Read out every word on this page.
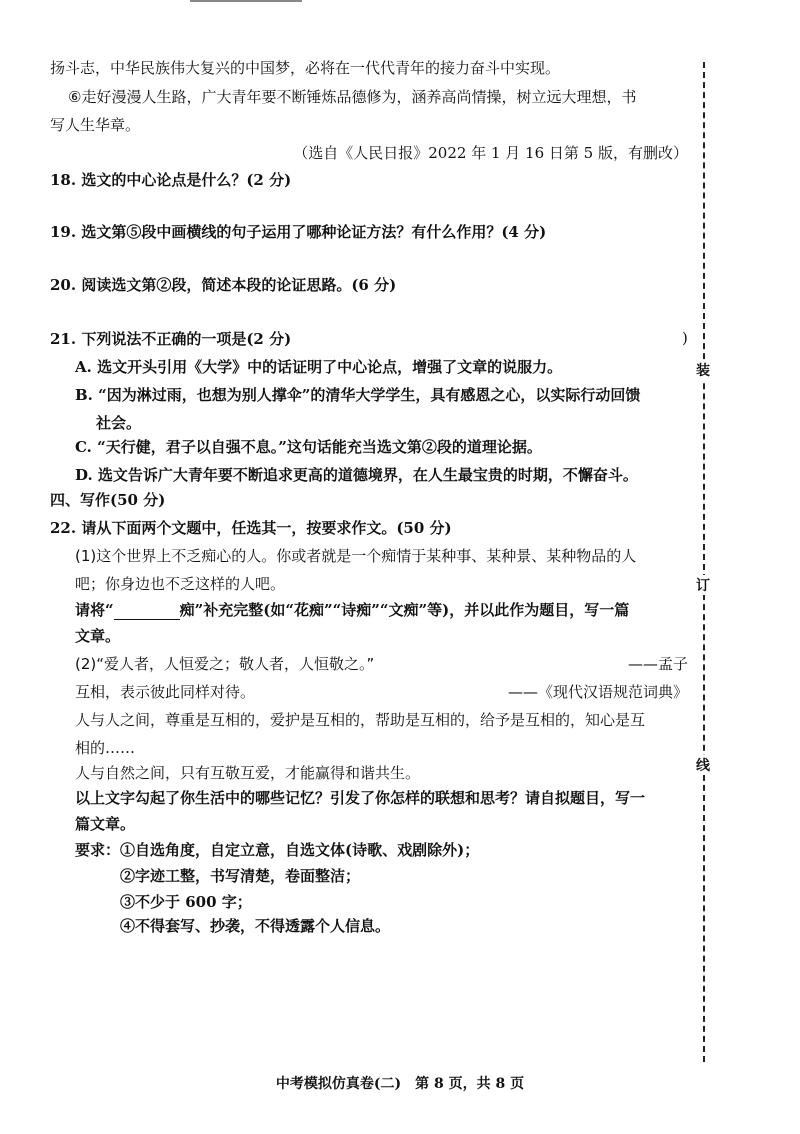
扬斗志，中华民族伟大复兴的中国梦，必将在一代代青年的接力奋斗中实现。
⑥走好漫漫人生路，广大青年要不断锤炼品德修为，涵养高尚情操，树立远大理想，书
写人生华章。
（选自《人民日报》2022 年 1 月 16 日第 5 版，有删改）
18. 选文的中心论点是什么？(2 分)
19. 选文第⑤段中画横线的句子运用了哪种论证方法？有什么作用？(4 分)
20. 阅读选文第②段，简述本段的论证思路。(6 分)
21. 下列说法不正确的一项是(2 分)	)
A. 选文开头引用《大学》中的话证明了中心论点，增强了文章的说服力。
B. “因为淋过雨，也想为别人撑伞”的清华大学学生，具有感恩之心，以实际行动回馈
社会。
C. “天行健，君子以自强不息。”这句话能充当选文第②段的道理论据。
D. 选文告诉广大青年要不断追求更高的道德境界，在人生最宝贵的时期，不懈奋斗。
四、写作(50 分)
22. 请从下面两个文题中，任选其一，按要求作文。(50 分)
(1)这个世界上不乏痴心的人。你或者就是一个痴情于某种事、某种景、某种物品的人
吧；你身边也不乏这样的人吧。
请将“	痴”补充完整(如“花痴”“诗痴”“文痴”等)，并以此作为题目，写一篇
文章。
(2)“爱人者，人恒爱之；敬人者，人恒敬之。”	——孟子
互相，表示彼此同样对待。	——《现代汉语规范词典》
人与人之间，尊重是互相的，爱护是互相的，帮助是互相的，给予是互相的，知心是互
相的……
人与自然之间，只有互敬互爱，才能赢得和谐共生。
以上文字勾起了你生活中的哪些记忆？引发了你怎样的联想和思考？请自拟题目，写一
篇文章。
要求：①自选角度，自定立意，自选文体(诗歌、戏剧除外)；
②字迹工整，书写清楚，卷面整洁；
③不少于 600 字；
④不得套写、抄袭，不得透露个人信息。
装
订
线
中考模拟仿真卷(二)　第 8 页，共 8 页
